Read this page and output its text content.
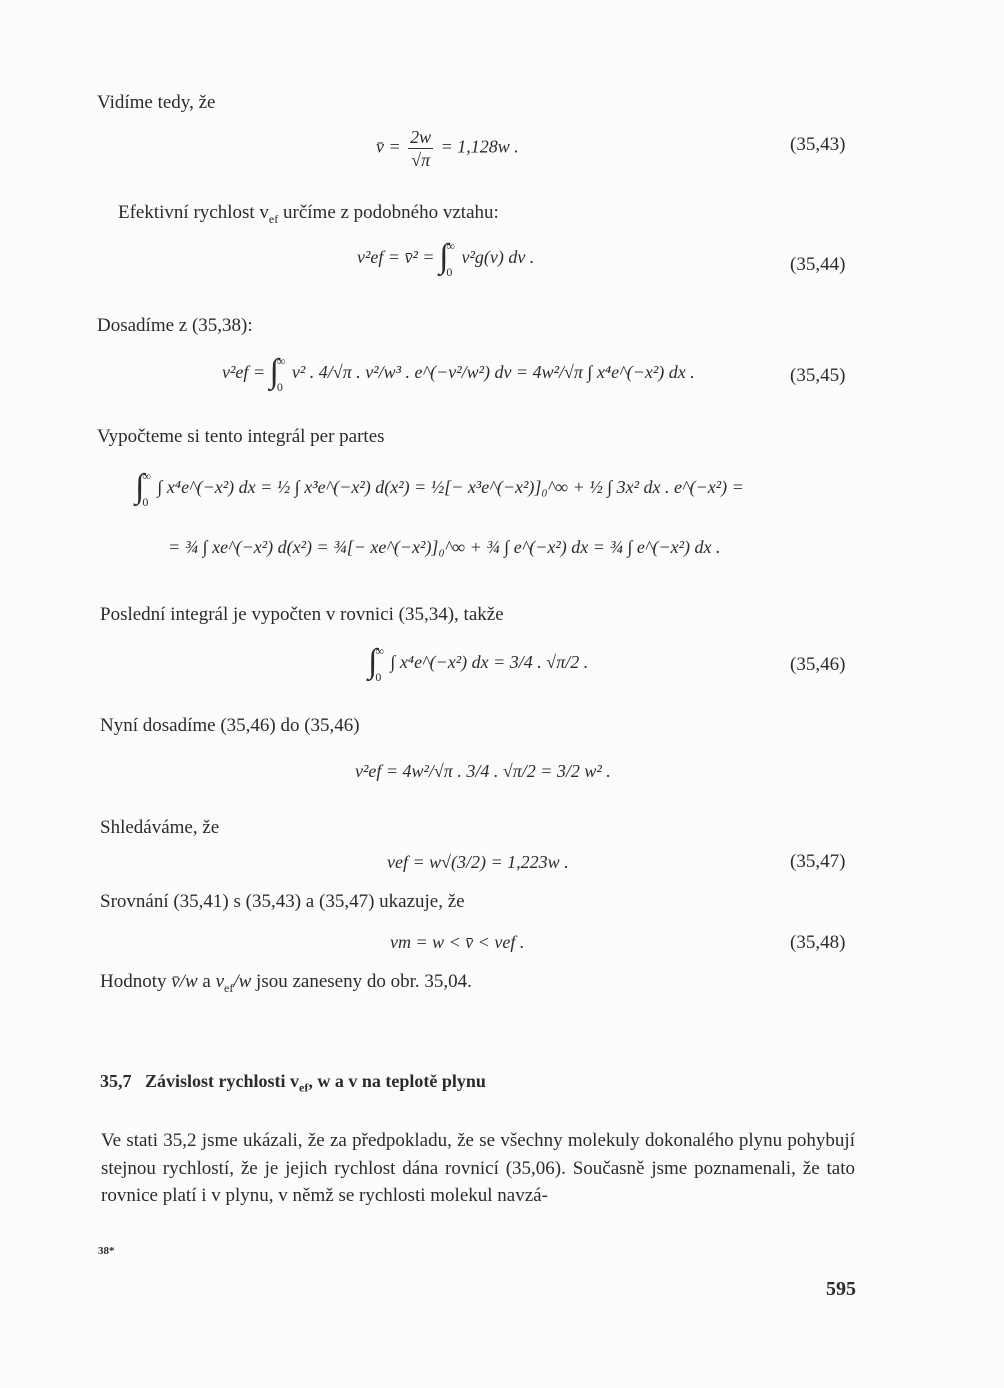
Vidíme tedy, že
v̄ = $\frac{2w}{√\pi} = 1,128w$ .	(35,43)
Efektivní rychlost $v_{ef}$ určíme z podobného vztahu:
v²ef = v̄² = ∫
∞
0
v²g(v) dv .	(35,44)
Dosadíme z (35,38):
v²ef = ∫
∞
0
v² . 4/√π . v²/w³ . e^(−v²/w²) dv = 4w²/√π ∫ x⁴e^(−x²) dx .	(35,45)
Vypočteme si tento integrál per partes
∫
∞
0
∫ x⁴e^(−x²) dx = ½ ∫ x³e^(−x²) d(x²) = ½[− x³e^(−x²)]₀^∞ + ½ ∫ 3x² dx . e^(−x²) =
= ¾ ∫ xe^(−x²) d(x²) = ¾[− xe^(−x²)]₀^∞ + ¾ ∫ e^(−x²) dx = ¾ ∫ e^(−x²) dx .
Poslední integrál je vypočten v rovnici (35,34), takže
∫
∞
0
∫ x⁴e^(−x²) dx = 3/4 . √π/2 .	(35,46)
Nyní dosadíme (35,46) do (35,46)
v²ef = 4w²/√π . 3/4 . √π/2 = 3/2 w² .
Shledáváme, že
vef = w√(3/2) = 1,223w .	(35,47)
Srovnání (35,41) s (35,43) a (35,47) ukazuje, že
vm = w < v̄ < vef .	(35,48)
Hodnoty v̄/w a $v_{ef}/w$ jsou zaneseny do obr. 35,04.
35,7 Závislost rychlosti $v_{ef}$, w a v na teplotě plynu
Ve stati 35,2 jsme ukázali, že za předpokladu, že se všechny molekuly dokonalého plynu pohybují stejnou rychlostí, že je jejich rychlost dána rovnicí (35,06). Současně jsme poznamenali, že tato rovnice platí i v plynu, v němž se rychlosti molekul navzá-
38*
595
